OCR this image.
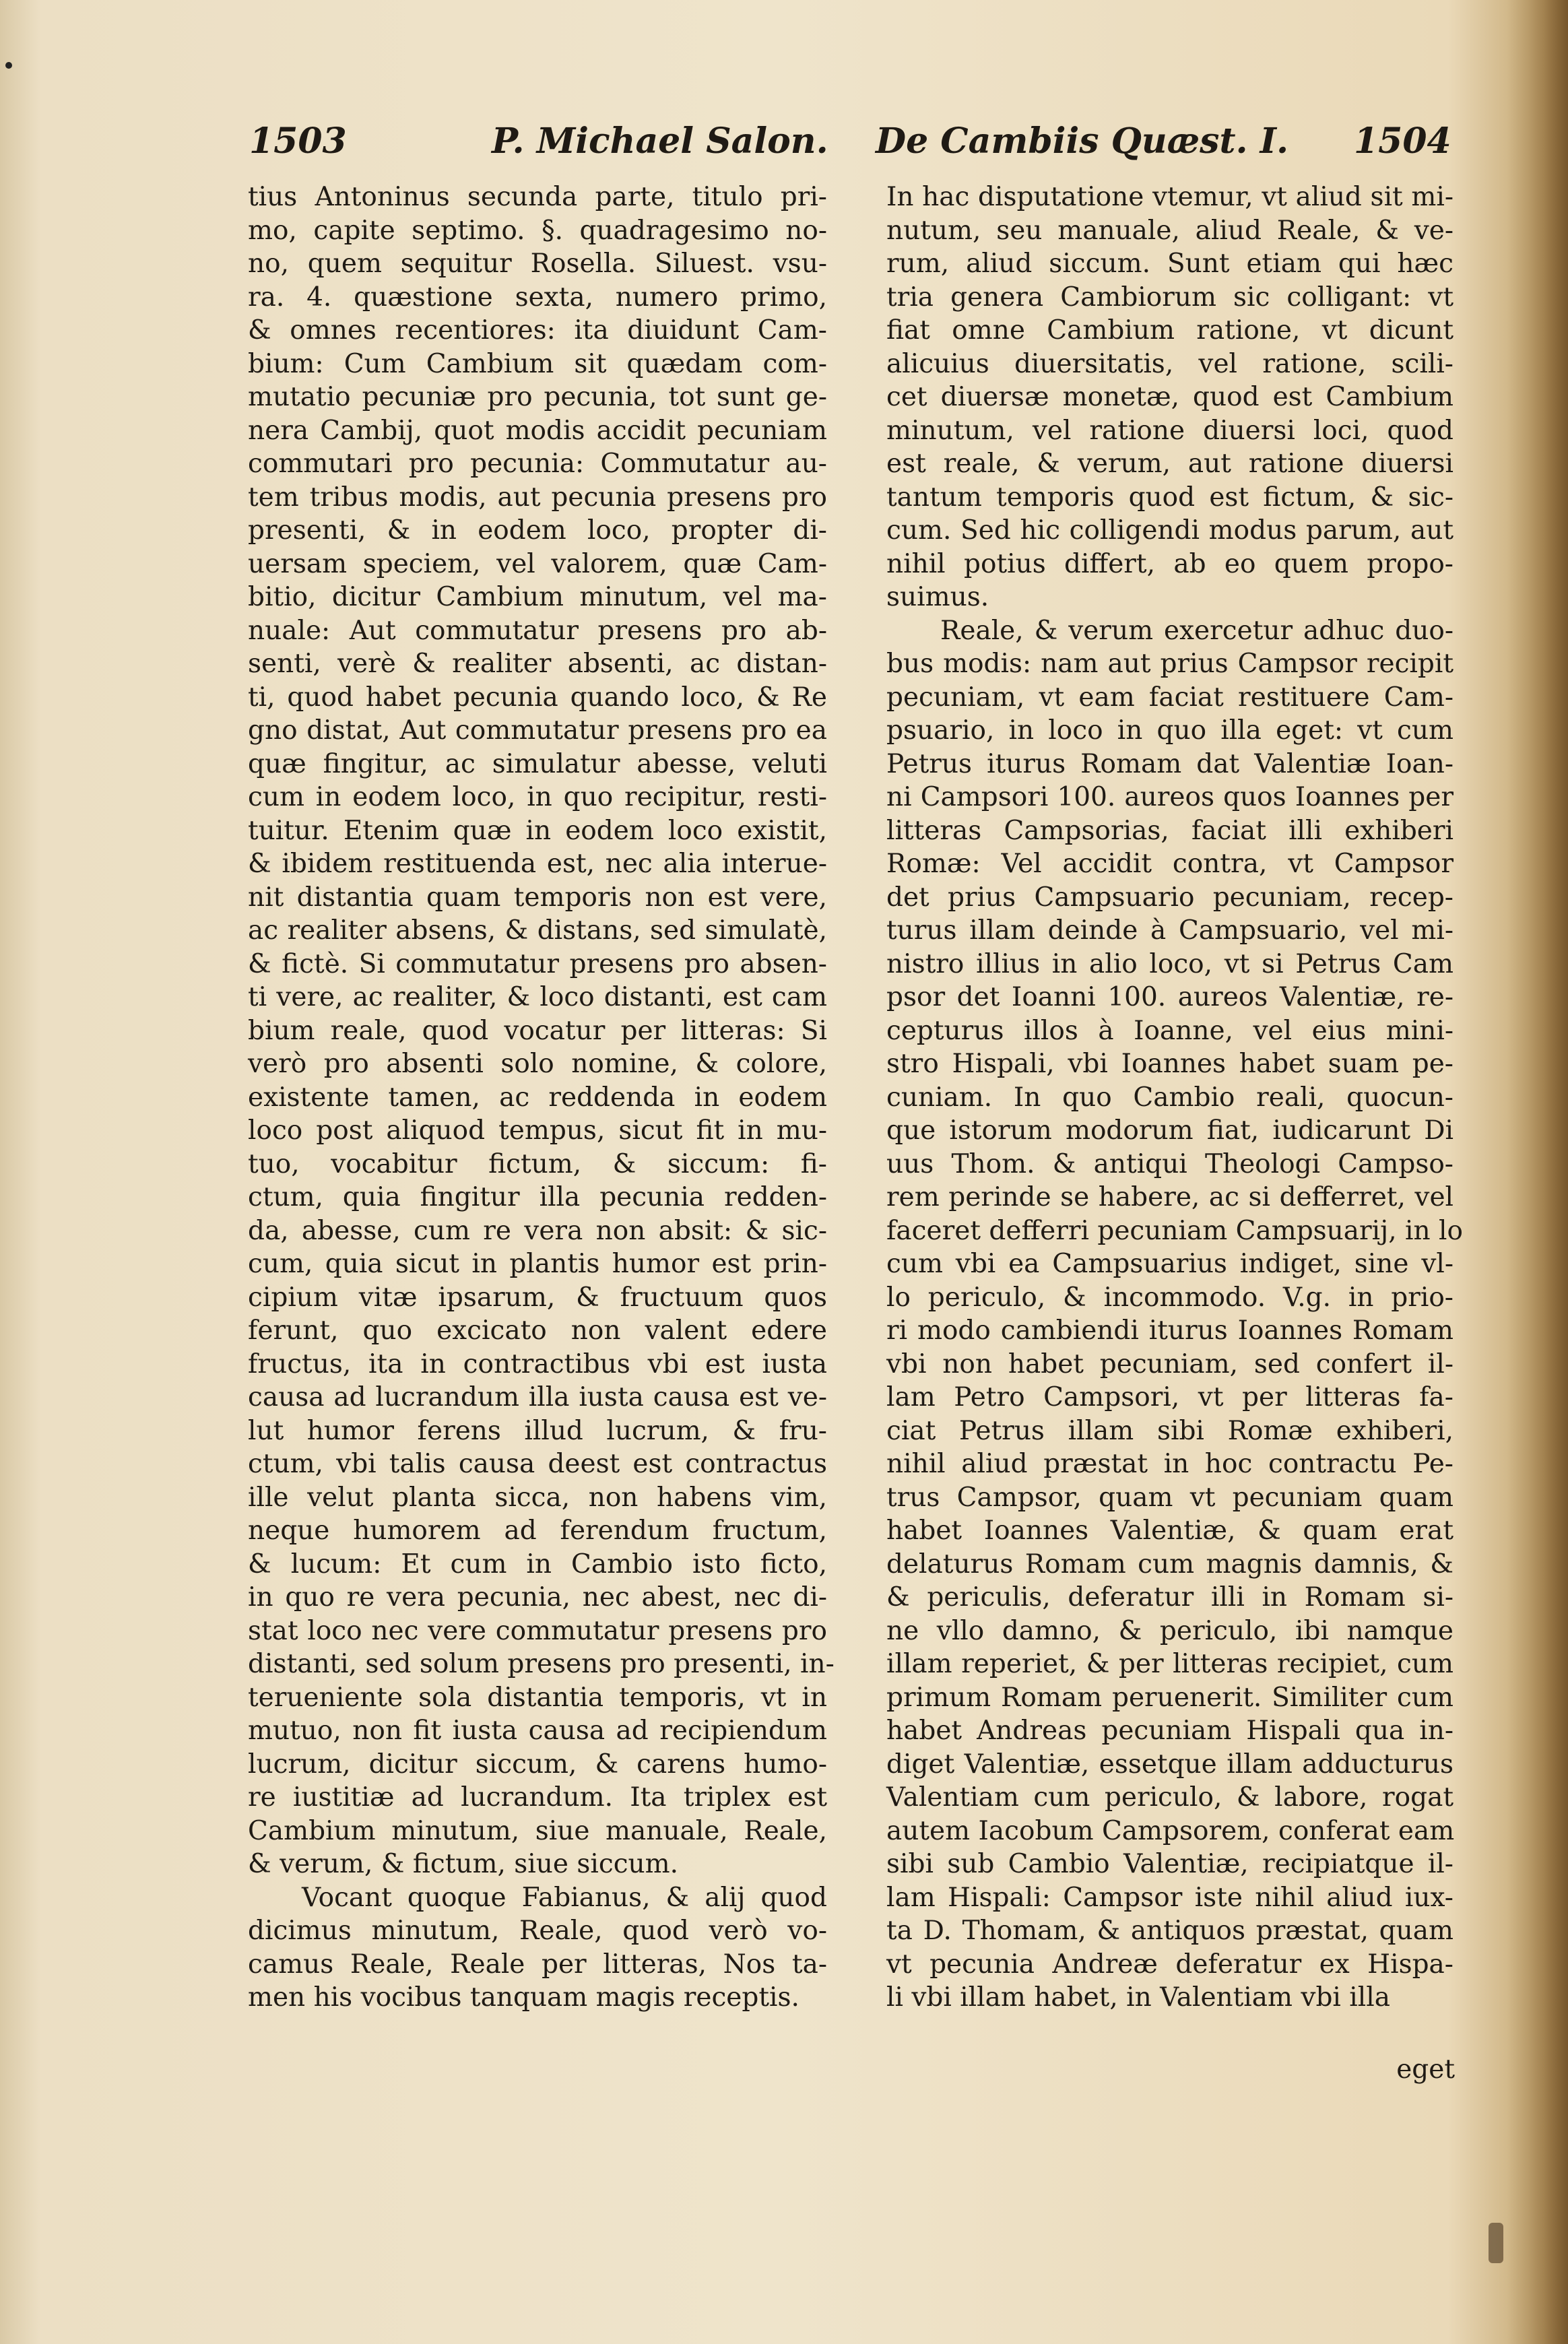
1503	P. Michael Salon. De Cambiis Quæst. I. 1504
tius Antoninus secunda parte, titulo pri-
mo, capite septimo. §. quadragesimo no-
no, quem sequitur Rosella. Siluest. vsu-
ra. 4. quæstione sexta, numero primo,
& omnes recentiores: ita diuidunt Cam-
bium: Cum Cambium sit quædam com-
mutatio pecuniæ pro pecunia, tot sunt ge-
nera Cambij, quot modis accidit pecuniam
commutari pro pecunia: Commutatur au-
tem tribus modis, aut pecunia presens pro
presenti, & in eodem loco, propter di-
uersam speciem, vel valorem, quæ Cam-
bitio, dicitur Cambium minutum, vel ma-
nuale: Aut commutatur presens pro ab-
senti, verè & realiter absenti, ac distan-
ti, quod habet pecunia quando loco, & Re
gno distat, Aut commutatur presens pro ea
quæ fingitur, ac simulatur abesse, veluti
cum in eodem loco, in quo recipitur, resti-
tuitur. Etenim quæ in eodem loco existit,
& ibidem restituenda est, nec alia interue-
nit distantia quam temporis non est vere,
ac realiter absens, & distans, sed simulatè,
& fictè. Si commutatur presens pro absen-
ti vere, ac realiter, & loco distanti, est cam
bium reale, quod vocatur per litteras: Si
verò pro absenti solo nomine, & colore,
existente tamen, ac reddenda in eodem
loco post aliquod tempus, sicut fit in mu-
tuo, vocabitur fictum, & siccum: fi-
ctum, quia fingitur illa pecunia redden-
da, abesse, cum re vera non absit: & sic-
cum, quia sicut in plantis humor est prin-
cipium vitæ ipsarum, & fructuum quos
ferunt, quo excicato non valent edere
fructus, ita in contractibus vbi est iusta
causa ad lucrandum illa iusta causa est ve-
lut humor ferens illud lucrum, & fru-
ctum, vbi talis causa deest est contractus
ille velut planta sicca, non habens vim,
neque humorem ad ferendum fructum,
& lucum: Et cum in Cambio isto ficto,
in quo re vera pecunia, nec abest, nec di-
stat loco nec vere commutatur presens pro
distanti, sed solum presens pro presenti, in-
terueniente sola distantia temporis, vt in
mutuo, non fit iusta causa ad recipiendum
lucrum, dicitur siccum, & carens humo-
re iustitiæ ad lucrandum. Ita triplex est
Cambium minutum, siue manuale, Reale,
& verum, & fictum, siue siccum.
Vocant quoque Fabianus, & alij quod
dicimus minutum, Reale, quod verò vo-
camus Reale, Reale per litteras, Nos ta-
men his vocibus tanquam magis receptis.
In hac disputatione vtemur, vt aliud sit mi-
nutum, seu manuale, aliud Reale, & ve-
rum, aliud siccum. Sunt etiam qui hæc
tria genera Cambiorum sic colligant: vt
fiat omne Cambium ratione, vt dicunt
alicuius diuersitatis, vel ratione, scili-
cet diuersæ monetæ, quod est Cambium
minutum, vel ratione diuersi loci, quod
est reale, & verum, aut ratione diuersi
tantum temporis quod est fictum, & sic-
cum. Sed hic colligendi modus parum, aut
nihil potius differt, ab eo quem propo-
suimus.
Reale, & verum exercetur adhuc duo-
bus modis: nam aut prius Campsor recipit
pecuniam, vt eam faciat restituere Cam-
psuario, in loco in quo illa eget: vt cum
Petrus iturus Romam dat Valentiæ Ioan-
ni Campsori 100. aureos quos Ioannes per
litteras Campsorias, faciat illi exhiberi
Romæ: Vel accidit contra, vt Campsor
det prius Campsuario pecuniam, recep-
turus illam deinde à Campsuario, vel mi-
nistro illius in alio loco, vt si Petrus Cam
psor det Ioanni 100. aureos Valentiæ, re-
cepturus illos à Ioanne, vel eius mini-
stro Hispali, vbi Ioannes habet suam pe-
cuniam. In quo Cambio reali, quocun-
que istorum modorum fiat, iudicarunt Di
uus Thom. & antiqui Theologi Campso-
rem perinde se habere, ac si defferret, vel
faceret defferri pecuniam Campsuarij, in lo
cum vbi ea Campsuarius indiget, sine vl-
lo periculo, & incommodo. V.g. in prio-
ri modo cambiendi iturus Ioannes Romam
vbi non habet pecuniam, sed confert il-
lam Petro Campsori, vt per litteras fa-
ciat Petrus illam sibi Romæ exhiberi,
nihil aliud præstat in hoc contractu Pe-
trus Campsor, quam vt pecuniam quam
habet Ioannes Valentiæ, & quam erat
delaturus Romam cum magnis damnis, &
& periculis, deferatur illi in Romam si-
ne vllo damno, & periculo, ibi namque
illam reperiet, & per litteras recipiet, cum
primum Romam peruenerit. Similiter cum
habet Andreas pecuniam Hispali qua in-
diget Valentiæ, essetque illam adducturus
Valentiam cum periculo, & labore, rogat
autem Iacobum Campsorem, conferat eam
sibi sub Cambio Valentiæ, recipiatque il-
lam Hispali: Campsor iste nihil aliud iux-
ta D. Thomam, & antiquos præstat, quam
vt pecunia Andreæ deferatur ex Hispa-
li vbi illam habet, in Valentiam vbi illa
eget
